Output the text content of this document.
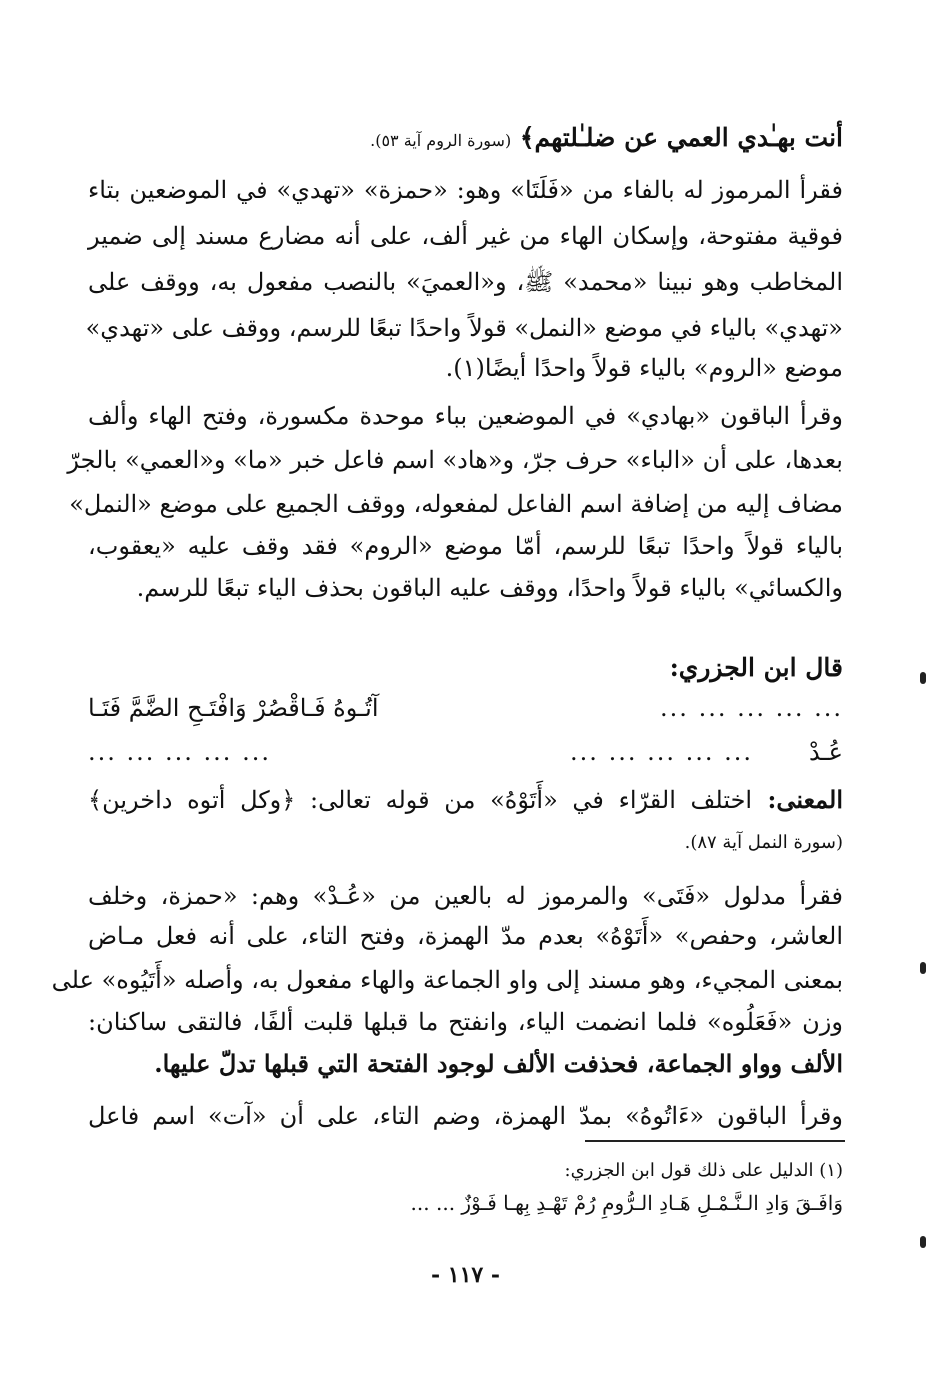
أنت بهـٰدي العمي عن ضلـٰلتهم﴾ (سورة الروم آية ٥٣).
فقرأ المرموز له بالفاء من «فَلَتَا» وهو: «حمزة» «تهدي» في الموضعين بتاء
فوقية مفتوحة، وإسكان الهاء من غير ألف، على أنه مضارع مسند إلى ضمير
المخاطب وهو نبينا «محمد» ﷺ، و«العميَ» بالنصب مفعول به، ووقف على
«تهدي» بالياء في موضع «النمل» قولاً واحدًا تبعًا للرسم، ووقف على «تهدي»
موضع «الروم» بالياء قولاً واحدًا أيضًا(١).
وقرأ الباقون «بهادي» في الموضعين بباء موحدة مكسورة، وفتح الهاء وألف
بعدها، على أن «الباء» حرف جرّ، و«هاد» اسم فاعل خبر «ما» و«العمي» بالجرّ
مضاف إليه من إضافة اسم الفاعل لمفعوله، ووقف الجميع على موضع «النمل»
بالياء قولاً واحدًا تبعًا للرسم، أمّا موضع «الروم» فقد وقف عليه «يعقوب،
والكسائي» بالياء قولاً واحدًا، ووقف عليه الباقون بحذف الياء تبعًا للرسم.
قال ابن الجزري:
... ... ... ... ...
آتُـوهُ فَـاقْصُرْ وَافْتَـحِ الضَّمَّ فَتَـا
عُـدْ
... ... ... ... ...
... ... ... ... ...
المعنى: اختلف القرّاء في «أَتَوْهُ» من قوله تعالى: ﴿وكل أتوه داخرين﴾
(سورة النمل آية ٨٧).
فقرأ مدلول «فَتَى» والمرموز له بالعين من «عُـدْ» وهم: «حمزة، وخلف
العاشر، وحفص» «أَتَوْهُ» بعدم مدّ الهمزة، وفتح التاء، على أنه فعل مـاض
بمعنى المجيء، وهو مسند إلى واو الجماعة والهاء مفعول به، وأصله «أَتَيُوه» على
وزن «فَعَلُوه» فلما انضمت الياء، وانفتح ما قبلها قلبت ألفًا، فالتقى ساكنان:
الألف وواو الجماعة، فحذفت الألف لوجود الفتحة التي قبلها تدلّ عليها.
وقرأ الباقون «ءَاتُوهُ» بمدّ الهمزة، وضم التاء، على أن «آت» اسم فاعل
(١) الدليل على ذلك قول ابن الجزري:
وَافَـقَ وَادِ الـنَّـمْـلِ هَـادِ الـرُّومِ رُمْ تَهْـدِ بِهـا فَـوْزٌ ... ...
- ١١٧ -
